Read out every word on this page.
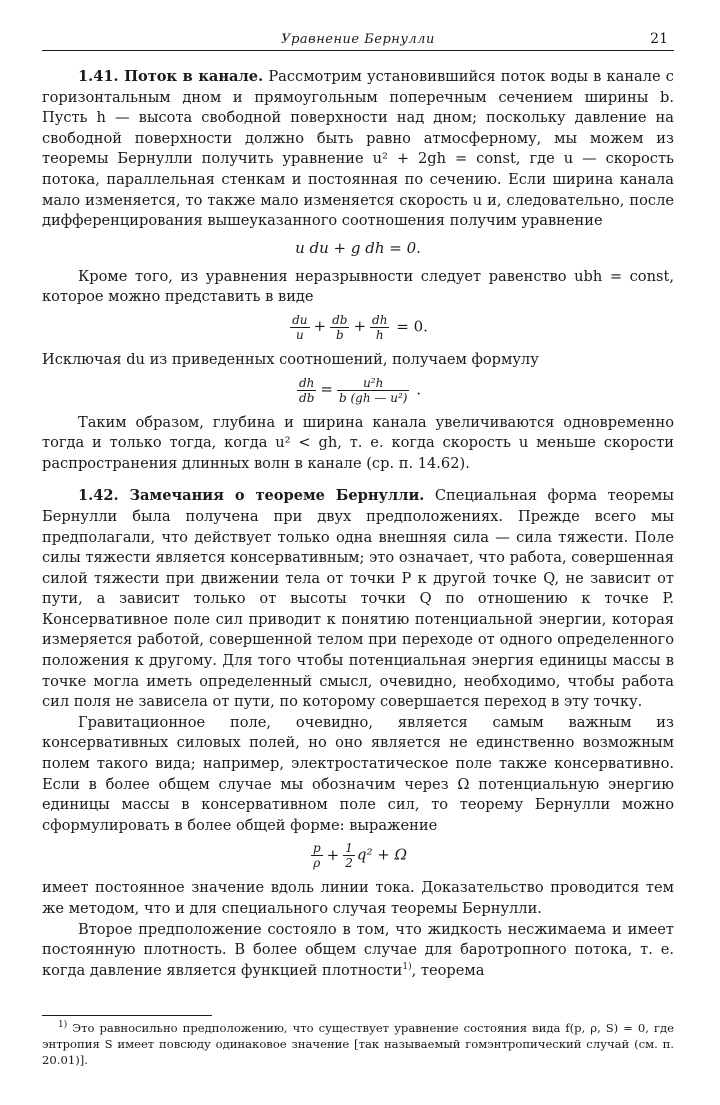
Уравнение Бернулли	21

1.41. Поток в канале. Рассмотрим установившийся поток воды в канале с горизонтальным дном и прямоугольным поперечным сечением ширины b. Пусть h — высота свободной поверхности над дном; поскольку давление на свободной поверхности должно быть равно атмосферному, мы можем из теоремы Бернулли получить уравнение u² + 2gh = const, где u — скорость потока, параллельная стенкам и постоянная по сечению. Если ширина канала мало изменяется, то также мало изменяется скорость u и, следовательно, после дифференцирования вышеуказанного соотношения получим уравнение

u du + g dh = 0.

Кроме того, из уравнения неразрывности следует равенство ubh = const, которое можно представить в виде

$\frac{du}{u} + \frac{db}{b} + \frac{dh}{h} = 0$.

Исключая du из приведенных соотношений, получаем формулу

$\frac{dh}{db} = \frac{\text{u²h}}{\text{b (gh — u²)}}$ .

Таким образом, глубина и ширина канала увеличиваются одновременно тогда и только тогда, когда u² < gh, т. е. когда скорость u меньше скорости распространения длинных волн в канале (ср. п. 14.62).

1.42. Замечания о теореме Бернулли. Специальная форма теоремы Бернулли была получена при двух предположениях. Прежде всего мы предполагали, что действует только одна внешняя сила — сила тяжести. Поле силы тяжести является консервативным; это означает, что работа, совершенная силой тяжести при движении тела от точки P к другой точке Q, не зависит от пути, а зависит только от высоты точки Q по отношению к точке P. Консервативное поле сил приводит к понятию потенциальной энергии, которая измеряется работой, совершенной телом при переходе от одного определенного положения к другому. Для того чтобы потенциальная энергия единицы массы в точке могла иметь определенный смысл, очевидно, необходимо, чтобы работа сил поля не зависела от пути, по которому совершается переход в эту точку.

Гравитационное поле, очевидно, является самым важным из консервативных силовых полей, но оно является не единственно возможным полем такого вида; например, электростатическое поле также консервативно. Если в более общем случае мы обозначим через Ω потенциальную энергию единицы массы в консервативном поле сил, то теорему Бернулли можно сформулировать в более общей форме: выражение

$\frac{p}{\rho} + \frac{1}{2} q^2 + \Omega$

имеет постоянное значение вдоль линии тока. Доказательство проводится тем же методом, что и для специального случая теоремы Бернулли.

Второе предположение состояло в том, что жидкость несжимаема и имеет постоянную плотность. В более общем случае для баротропного потока, т. е. когда давление является функцией плотности$^{1)}$, теорема

$^{1)}$ Это равносильно предположению, что существует уравнение состояния вида f(p, ρ, S) = 0, где энтропия S имеет повсюду одинаковое значение [так называемый гомэнтропический случай (см. п. 20.01)].
